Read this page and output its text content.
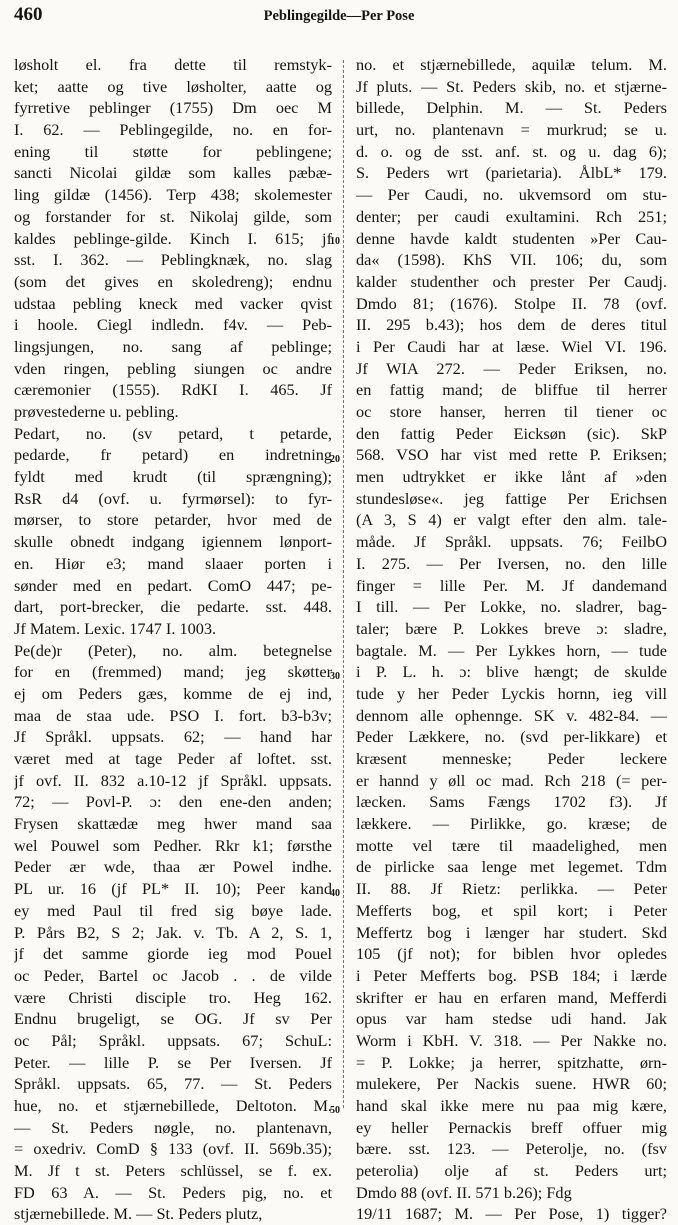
460	Peblingegilde—Per Pose
10
20
30
40
50
løsholt el. fra dette til remstyk-
ket; aatte og tive løsholter, aatte og
fyrretive peblinger (1755) Dm oec M
I. 62. — Peblingegilde, no. en for-
ening til støtte for peblingene;
sancti Nicolai gildæ som kalles pæbæ-
ling gildæ (1456). Terp 438; skolemester
og forstander for st. Nikolaj gilde, som
kaldes peblinge-gilde. Kinch I. 615; jf
sst. I. 362. — Peblingknæk, no. slag
(som det gives en skoledreng); endnu
udstaa pebling kneck med vacker qvist
i hoole. Ciegl indledn. f4v. — Peb-
lingsjungen, no. sang af peblinge;
vden ringen, pebling siungen oc andre
cæremonier (1555). RdKI I. 465. Jf
prøvestederne u. pebling.
Pedart, no. (sv petard, t petarde,
pedarde, fr petard) en indretning
fyldt med krudt (til sprængning);
RsR d4 (ovf. u. fyrmørsel): to fyr-
mørser, to store petarder, hvor med de
skulle obnedt indgang igiennem lønport-
en. Hiør e3; mand slaaer porten i
sønder med en pedart. ComO 447; pe-
dart, port-brecker, die pedarte. sst. 448.
Jf Matem. Lexic. 1747 I. 1003.
Pe(de)r (Peter), no. alm. betegnelse
for en (fremmed) mand; jeg skøtter
ej om Peders gæs, komme de ej ind,
maa de staa ude. PSO I. fort. b3-b3v;
Jf Språkl. uppsats. 62; — hand har
været med at tage Peder af loftet. sst.
jf ovf. II. 832 a.10-12 jf Språkl. uppsats.
72; — Povl-P. ɔ: den ene-den anden;
Frysen skattædæ meg hwer mand saa
wel Pouwel som Pedher. Rkr k1; førsthe
Peder ær wde, thaa ær Powel indhe.
PL ur. 16 (jf PL* II. 10); Peer kand
ey med Paul til fred sig bøye lade.
P. Pårs B2, S 2; Jak. v. Tb. A 2, S. 1,
jf det samme giorde ieg mod Pouel
oc Peder, Bartel oc Jacob . . de vilde
være Christi disciple tro. Heg 162.
Endnu brugeligt, se OG. Jf sv Per
oc Pål; Språkl. uppsats. 67; SchuL:
Peter. — lille P. se Per Iversen. Jf
Språkl. uppsats. 65, 77. — St. Peders
hue, no. et stjærnebillede, Deltoton. M.
— St. Peders nøgle, no. plantenavn,
= oxedriv. ComD § 133 (ovf. II. 569b.35);
M. Jf t st. Peters schlüssel, se f. ex.
FD 63 A. — St. Peders pig, no. et
stjærnebillede. M. — St. Peders plutz,
no. et stjærnebillede, aquilæ telum. M.
Jf pluts. — St. Peders skib, no. et stjærne-
billede, Delphin. M. — St. Peders
urt, no. plantenavn = murkrud; se u.
d. o. og de sst. anf. st. og u. dag 6);
S. Peders wrt (parietaria). ÅlbL* 179.
— Per Caudi, no. ukvemsord om stu-
denter; per caudi exultamini. Rch 251;
denne havde kaldt studenten »Per Cau-
da« (1598). KhS VII. 106; du, som
kalder studenther och prester Per Caudj.
Dmdo 81; (1676). Stolpe II. 78 (ovf.
II. 295 b.43); hos dem de deres titul
i Per Caudi har at læse. Wiel VI. 196.
Jf WIA 272. — Peder Eriksen, no.
en fattig mand; de bliffue til herrer
oc store hanser, herren til tiener oc
den fattig Peder Eicksøn (sic). SkP
568. VSO har vist med rette P. Eriksen;
men udtrykket er ikke lånt af »den
stundesløse«. jeg fattige Per Erichsen
(A 3, S 4) er valgt efter den alm. tale-
måde. Jf Språkl. uppsats. 76; FeilbO
I. 275. — Per Iversen, no. den lille
finger = lille Per. M. Jf dandemand
I till. — Per Lokke, no. sladrer, bag-
taler; bære P. Lokkes breve ɔ: sladre,
bagtale. M. — Per Lykkes horn, — tude
i P. L. h. ɔ: blive hængt; de skulde
tude y her Peder Lyckis hornn, ieg vill
dennom alle ophennge. SK v. 482-84. —
Peder Lækkere, no. (svd per-likkare) et
kræsent menneske; Peder leckere
er hannd y øll oc mad. Rch 218 (= per-
læcken. Sams Fængs 1702 f3). Jf
lækkere. — Pirlikke, go. kræse; de
motte vel tære til maadelighed, men
de pirlicke saa lenge met legemet. Tdm
II. 88. Jf Rietz: perlikka. — Peter
Mefferts bog, et spil kort; i Peter
Meffertz bog i længer har studert. Skd
105 (jf not); for biblen hvor opledes
i Peter Mefferts bog. PSB 184; i lærde
skrifter er hau en erfaren mand, Mefferdi
opus var ham stedse udi hand. Jak
Worm i KbH. V. 318. — Per Nakke no.
= P. Lokke; ja herrer, spitzhatte, ørn-
mulekere, Per Nackis suene. HWR 60;
hand skal ikke mere nu paa mig kære,
ey heller Pernackis breff offuer mig
bære. sst. 123. — Peterolje, no. (fsv
peterolia) olje af st. Peders urt;
Dmdo 88 (ovf. II. 571 b.26); Fdg
19/11 1687; M. — Per Pose, 1) tigger?
